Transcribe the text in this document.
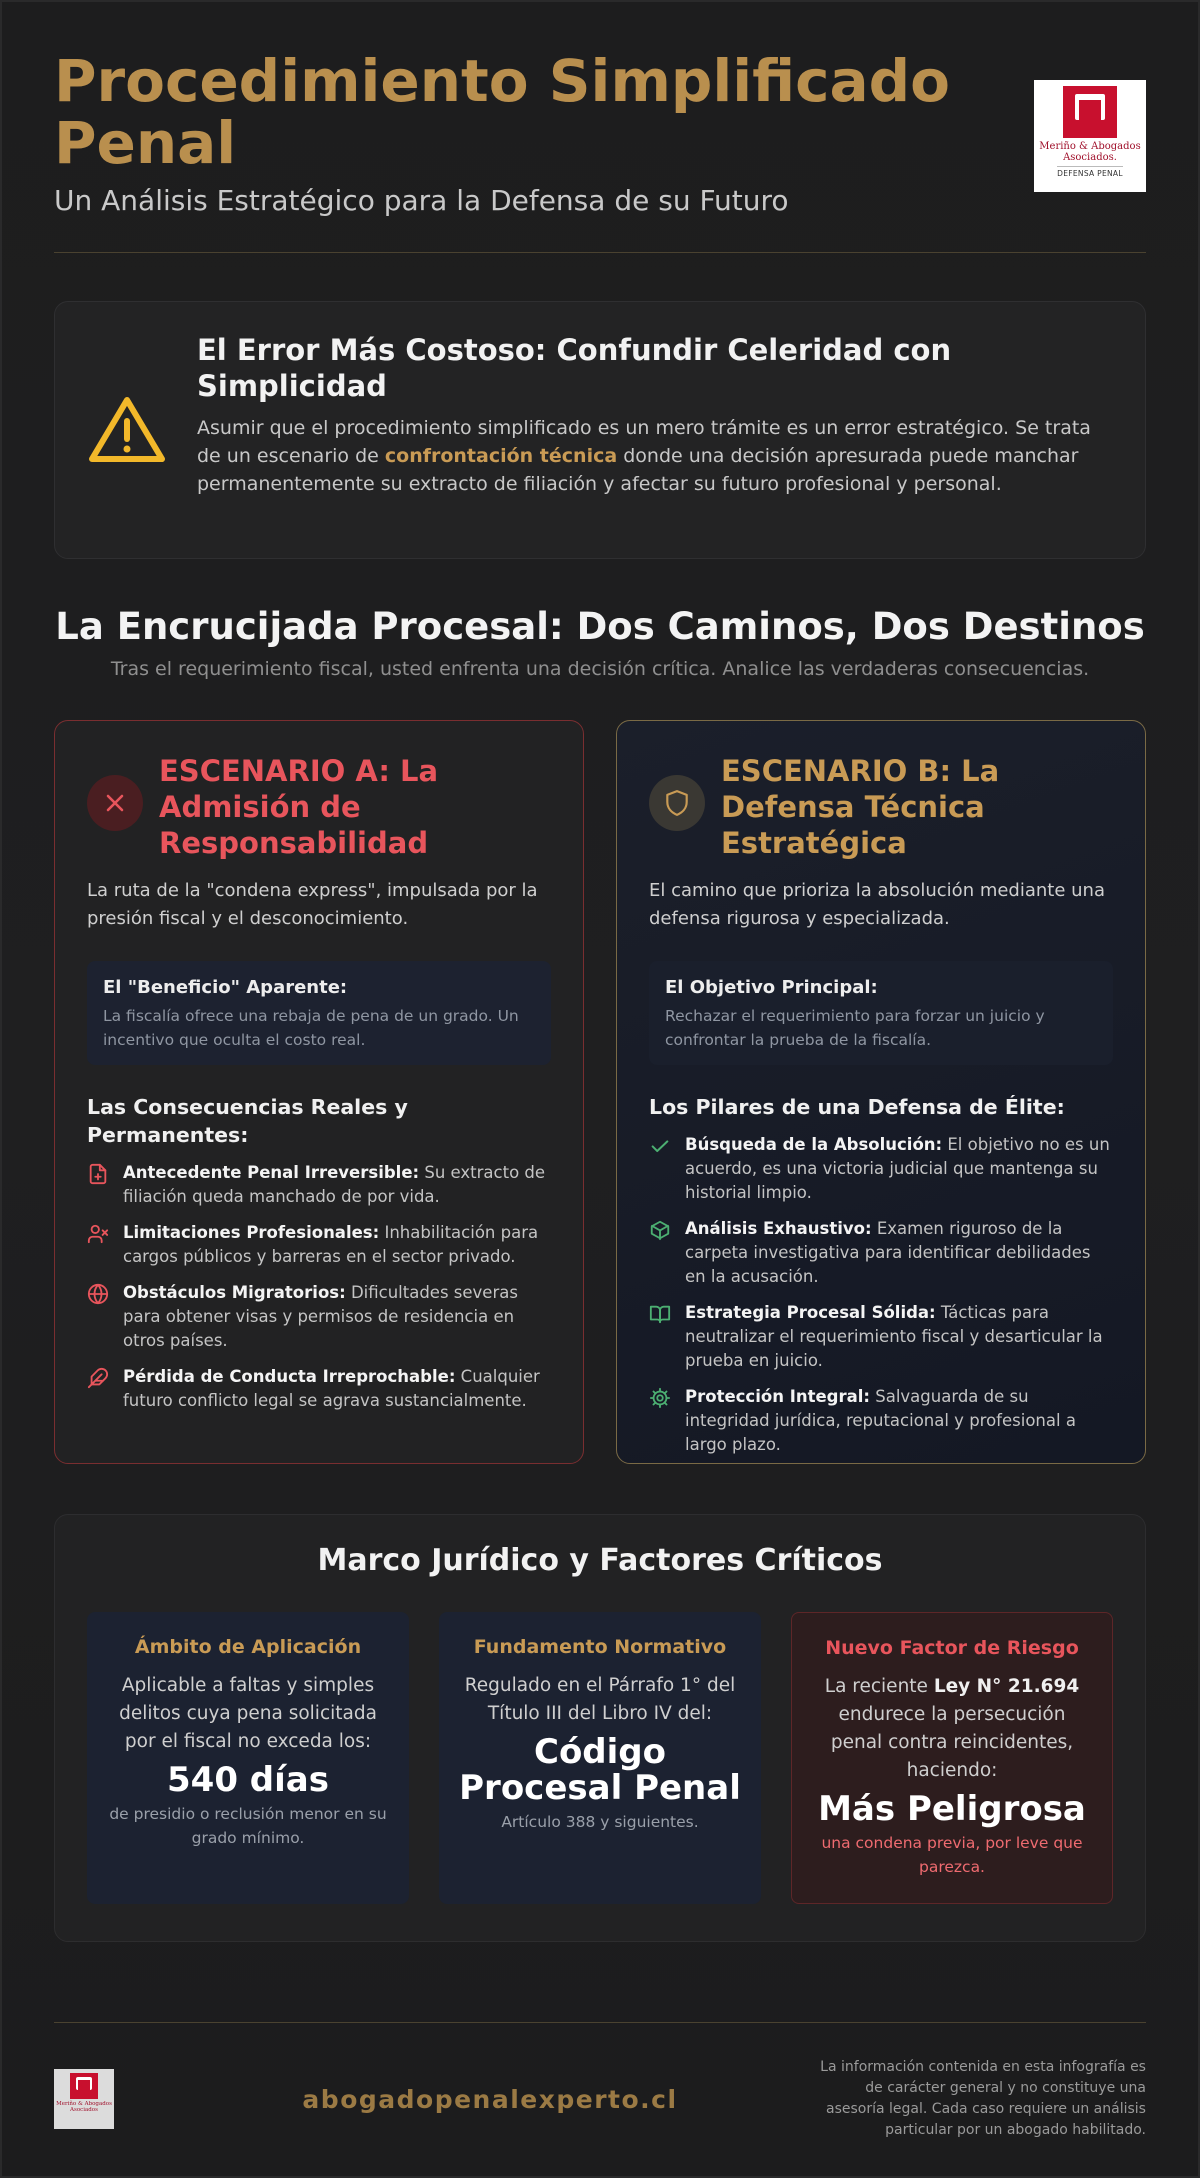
Procedimiento Simplificado Penal
Un Análisis Estratégico para la Defensa de su Futuro
Meriño & Abogados Asociados.
DEFENSA PENAL
El Error Más Costoso: Confundir Celeridad con Simplicidad

Asumir que el procedimiento simplificado es un mero trámite es un error estratégico. Se trata de un escenario de confrontación técnica donde una decisión apresurada puede manchar permanentemente su extracto de filiación y afectar su futuro profesional y personal.

La Encrucijada Procesal: Dos Caminos, Dos Destinos

Tras el requerimiento fiscal, usted enfrenta una decisión crítica. Analice las verdaderas consecuencias.

ESCENARIO A: La Admisión de Responsabilidad

La ruta de la "condena express", impulsada por la presión fiscal y el desconocimiento.

El "Beneficio" Aparente:
La fiscalía ofrece una rebaja de pena de un grado. Un incentivo que oculta el costo real.
Las Consecuencias Reales y Permanentes:
Antecedente Penal Irreversible: Su extracto de filiación queda manchado de por vida.
Limitaciones Profesionales: Inhabilitación para cargos públicos y barreras en el sector privado.
Obstáculos Migratorios: Dificultades severas para obtener visas y permisos de residencia en otros países.
Pérdida de Conducta Irreprochable: Cualquier futuro conflicto legal se agrava sustancialmente.
ESCENARIO B: La Defensa Técnica Estratégica

El camino que prioriza la absolución mediante una defensa rigurosa y especializada.

El Objetivo Principal:
Rechazar el requerimiento para forzar un juicio y confrontar la prueba de la fiscalía.
Los Pilares de una Defensa de Élite:
Búsqueda de la Absolución: El objetivo no es un acuerdo, es una victoria judicial que mantenga su historial limpio.
Análisis Exhaustivo: Examen riguroso de la carpeta investigativa para identificar debilidades en la acusación.
Estrategia Procesal Sólida: Tácticas para neutralizar el requerimiento fiscal y desarticular la prueba en juicio.
Protección Integral: Salvaguarda de su integridad jurídica, reputacional y profesional a largo plazo.
Marco Jurídico y Factores Críticos
Ámbito de Aplicación
Aplicable a faltas y simples delitos cuya pena solicitada por el fiscal no exceda los:
540 días
de presidio o reclusión menor en su grado mínimo.
Fundamento Normativo
Regulado en el Párrafo 1° del Título III del Libro IV del:
Código Procesal Penal
Artículo 388 y siguientes.
Nuevo Factor de Riesgo
La reciente Ley N° 21.694 endurece la persecución penal contra reincidentes, haciendo:
Más Peligrosa
una condena previa, por leve que parezca.
Meriño & Abogados Asociados	abogadopenalexperto.cl

La información contenida en esta infografía es de carácter general y no constituye una asesoría legal. Cada caso requiere un análisis particular por un abogado habilitado.
